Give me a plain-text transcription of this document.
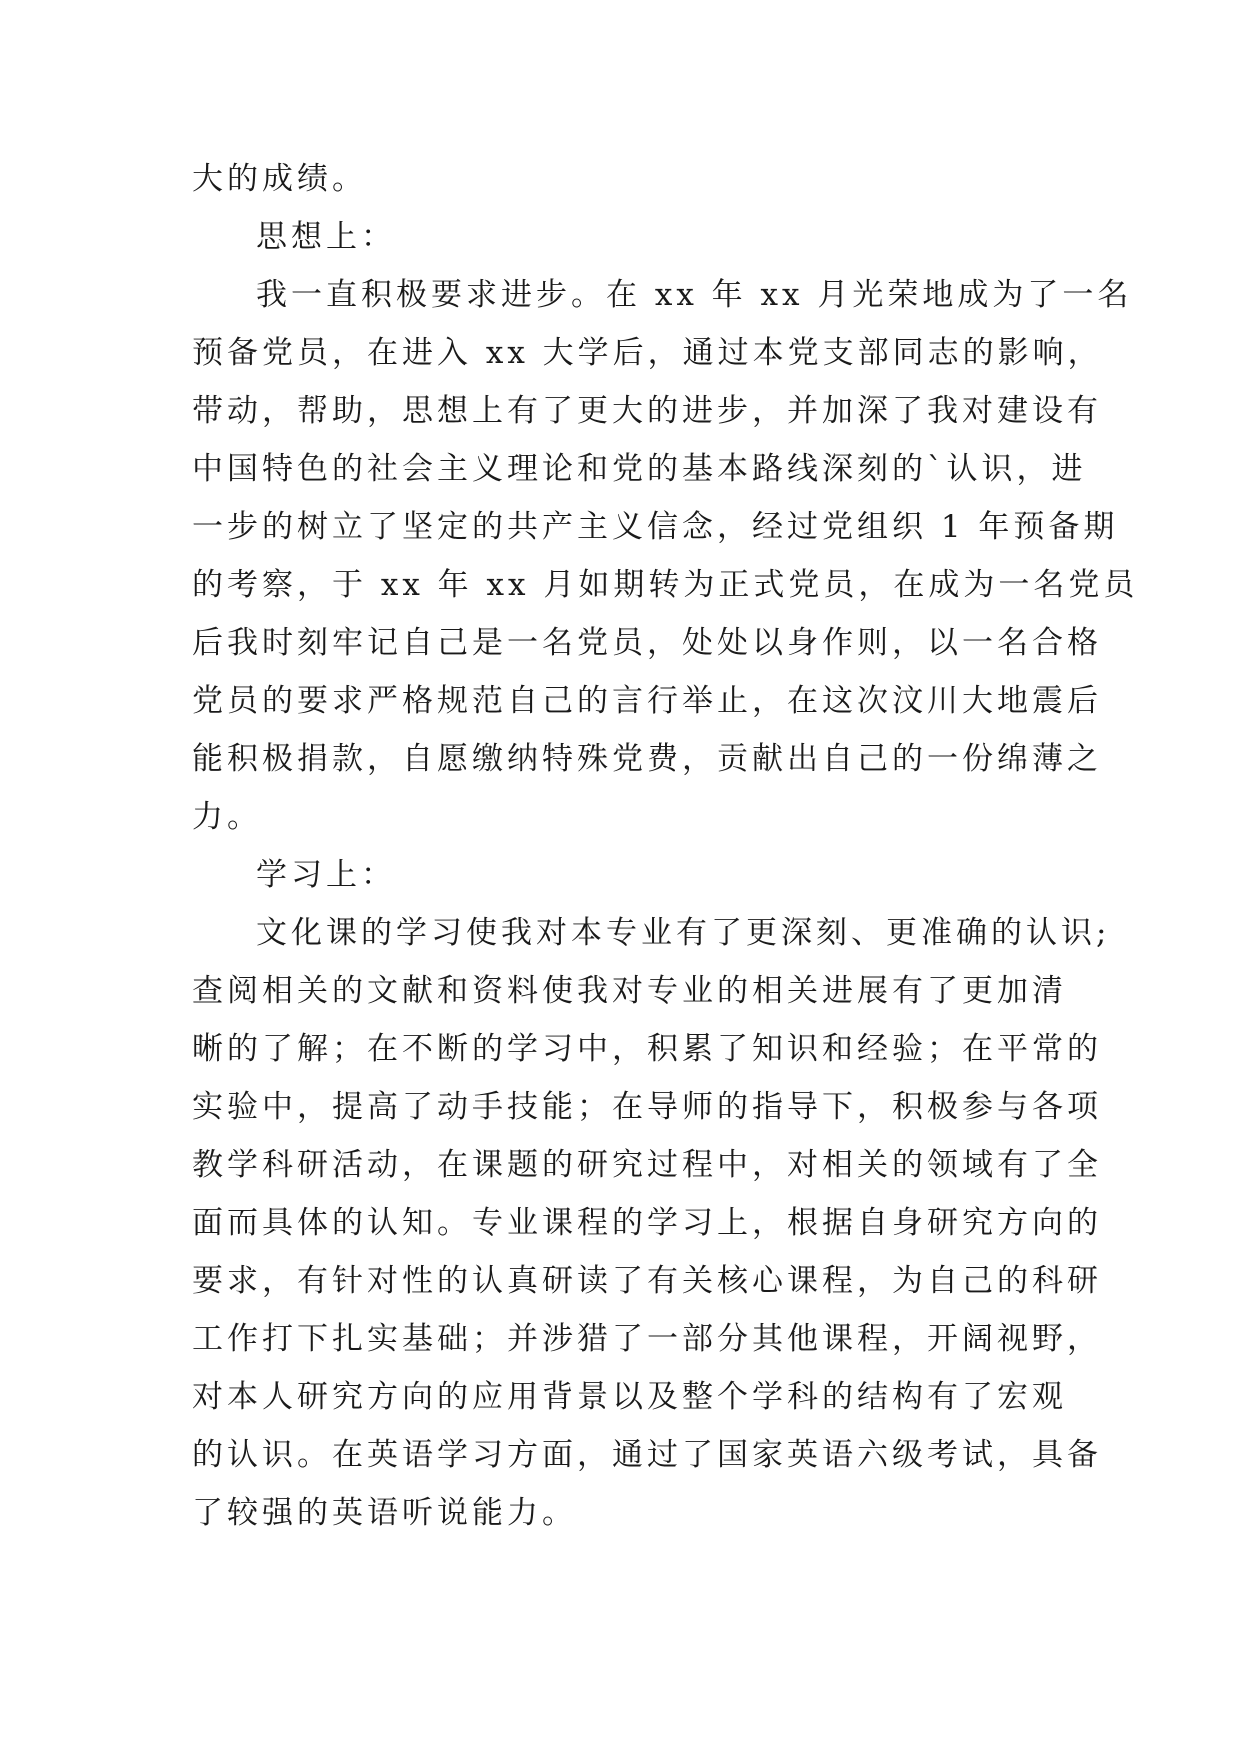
大的成绩。
思想上：
我一直积极要求进步。在 xx 年 xx 月光荣地成为了一名
预备党员，在进入 xx 大学后，通过本党支部同志的影响，
带动，帮助，思想上有了更大的进步，并加深了我对建设有
中国特色的社会主义理论和党的基本路线深刻的`认识，进
一步的树立了坚定的共产主义信念，经过党组织 1 年预备期
的考察，于 xx 年 xx 月如期转为正式党员，在成为一名党员
后我时刻牢记自己是一名党员，处处以身作则，以一名合格
党员的要求严格规范自己的言行举止，在这次汶川大地震后
能积极捐款，自愿缴纳特殊党费，贡献出自己的一份绵薄之
力。
学习上：
文化课的学习使我对本专业有了更深刻、更准确的认识;
查阅相关的文献和资料使我对专业的相关进展有了更加清
晰的了解；在不断的学习中，积累了知识和经验；在平常的
实验中，提高了动手技能；在导师的指导下，积极参与各项
教学科研活动，在课题的研究过程中，对相关的领域有了全
面而具体的认知。专业课程的学习上，根据自身研究方向的
要求，有针对性的认真研读了有关核心课程，为自己的科研
工作打下扎实基础；并涉猎了一部分其他课程，开阔视野，
对本人研究方向的应用背景以及整个学科的结构有了宏观
的认识。在英语学习方面，通过了国家英语六级考试，具备
了较强的英语听说能力。
